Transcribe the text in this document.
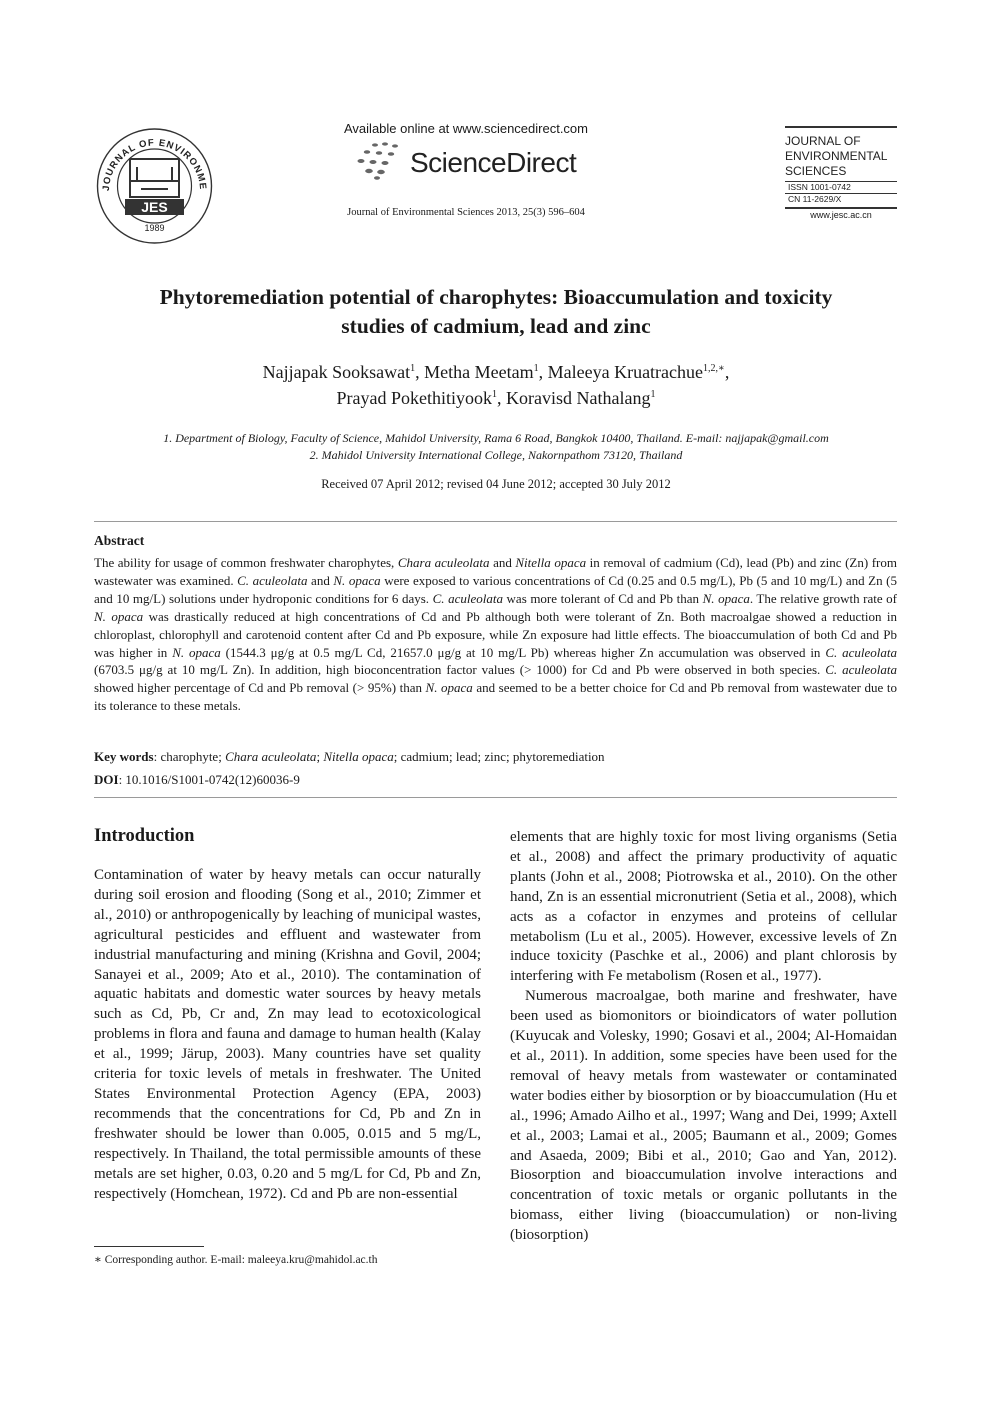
JOURNAL OF ENVIRONME
JES
1989
Available online at www.sciencedirect.com
ScienceDirect
Journal of Environmental Sciences 2013, 25(3) 596–604
JOURNAL OF
ENVIRONMENTAL
SCIENCES
ISSN 1001-0742
CN 11-2629/X
www.jesc.ac.cn
Phytoremediation potential of charophytes: Bioaccumulation and toxicity
studies of cadmium, lead and zinc
Najjapak Sooksawat$^1$, Metha Meetam$^1$, Maleeya Kruatrachue$^{1,2,∗}$,
Prayad Pokethitiyook$^1$, Koravisd Nathalang$^1$
1. Department of Biology, Faculty of Science, Mahidol University, Rama 6 Road, Bangkok 10400, Thailand. E-mail: najjapak@gmail.com
2. Mahidol University International College, Nakornpathom 73120, Thailand
Received 07 April 2012; revised 04 June 2012; accepted 30 July 2012
Abstract
The ability for usage of common freshwater charophytes, Chara aculeolata and Nitella opaca in removal of cadmium (Cd), lead (Pb) and zinc (Zn) from wastewater was examined. C. aculeolata and N. opaca were exposed to various concentrations of Cd (0.25 and 0.5 mg/L), Pb (5 and 10 mg/L) and Zn (5 and 10 mg/L) solutions under hydroponic conditions for 6 days. C. aculeolata was more tolerant of Cd and Pb than N. opaca. The relative growth rate of N. opaca was drastically reduced at high concentrations of Cd and Pb although both were tolerant of Zn. Both macroalgae showed a reduction in chloroplast, chlorophyll and carotenoid content after Cd and Pb exposure, while Zn exposure had little effects. The bioaccumulation of both Cd and Pb was higher in N. opaca (1544.3 μg/g at 0.5 mg/L Cd, 21657.0 μg/g at 10 mg/L Pb) whereas higher Zn accumulation was observed in C. aculeolata (6703.5 μg/g at 10 mg/L Zn). In addition, high bioconcentration factor values (> 1000) for Cd and Pb were observed in both species. C. aculeolata showed higher percentage of Cd and Pb removal (> 95%) than N. opaca and seemed to be a better choice for Cd and Pb removal from wastewater due to its tolerance to these metals.
Key words: charophyte; Chara aculeolata; Nitella opaca; cadmium; lead; zinc; phytoremediation
DOI: 10.1016/S1001-0742(12)60036-9
Introduction
Contamination of water by heavy metals can occur naturally during soil erosion and flooding (Song et al., 2010; Zimmer et al., 2010) or anthropogenically by leaching of municipal wastes, agricultural pesticides and effluent and wastewater from industrial manufacturing and mining (Krishna and Govil, 2004; Sanayei et al., 2009; Ato et al., 2010). The contamination of aquatic habitats and domestic water sources by heavy metals such as Cd, Pb, Cr and, Zn may lead to ecotoxicological problems in flora and fauna and damage to human health (Kalay et al., 1999; Järup, 2003). Many countries have set quality criteria for toxic levels of metals in freshwater. The United States Environmental Protection Agency (EPA, 2003) recommends that the concentrations for Cd, Pb and Zn in freshwater should be lower than 0.005, 0.015 and 5 mg/L, respectively. In Thailand, the total permissible amounts of these metals are set higher, 0.03, 0.20 and 5 mg/L for Cd, Pb and Zn, respectively (Homchean, 1972). Cd and Pb are non-essential
elements that are highly toxic for most living organisms (Setia et al., 2008) and affect the primary productivity of aquatic plants (John et al., 2008; Piotrowska et al., 2010). On the other hand, Zn is an essential micronutrient (Setia et al., 2008), which acts as a cofactor in enzymes and proteins of cellular metabolism (Lu et al., 2005). However, excessive levels of Zn induce toxicity (Paschke et al., 2006) and plant chlorosis by interfering with Fe metabolism (Rosen et al., 1977).
Numerous macroalgae, both marine and freshwater, have been used as biomonitors or bioindicators of water pollution (Kuyucak and Volesky, 1990; Gosavi et al., 2004; Al-Homaidan et al., 2011). In addition, some species have been used for the removal of heavy metals from wastewater or contaminated water bodies either by biosorption or by bioaccumulation (Hu et al., 1996; Amado Ailho et al., 1997; Wang and Dei, 1999; Axtell et al., 2003; Lamai et al., 2005; Baumann et al., 2009; Gomes and Asaeda, 2009; Bibi et al., 2010; Gao and Yan, 2012). Biosorption and bioaccumulation involve interactions and concentration of toxic metals or organic pollutants in the biomass, either living (bioaccumulation) or non-living (biosorption)
∗ Corresponding author. E-mail: maleeya.kru@mahidol.ac.th
